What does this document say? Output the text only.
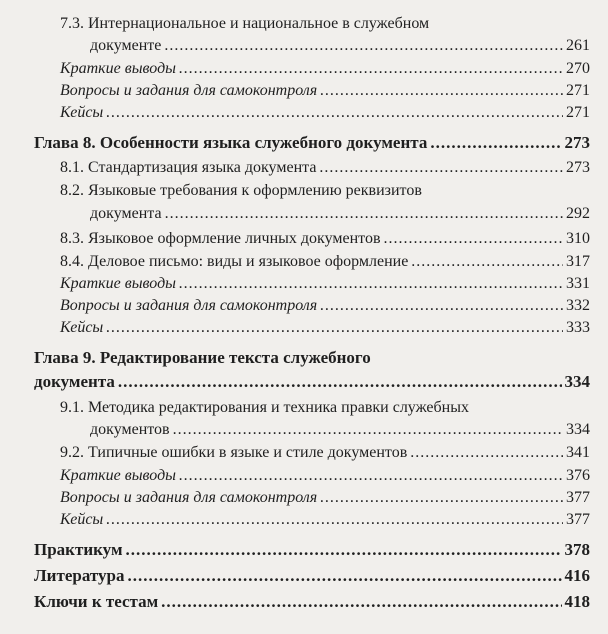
7.3. Интернациональное и национальное в служебном
документе .....	261
Краткие выводы .....	270
Вопросы и задания для самоконтроля .....	271
Кейсы .....	271
Глава 8. Особенности языка служебного документа .....	273
8.1. Стандартизация языка документа .....	273
8.2. Языковые требования к оформлению реквизитов
документа .....	292
8.3. Языковое оформление личных документов .....	310
8.4. Деловое письмо: виды и языковое оформление .....	317
Краткие выводы .....	331
Вопросы и задания для самоконтроля .....	332
Кейсы .....	333
Глава 9. Редактирование текста служебного
документа .....	334
9.1. Методика редактирования и техника правки служебных
документов .....	334
9.2. Типичные ошибки в языке и стиле документов .....	341
Краткие выводы .....	376
Вопросы и задания для самоконтроля .....	377
Кейсы .....	377
Практикум .....	378
Литература .....	416
Ключи к тестам .....	418
